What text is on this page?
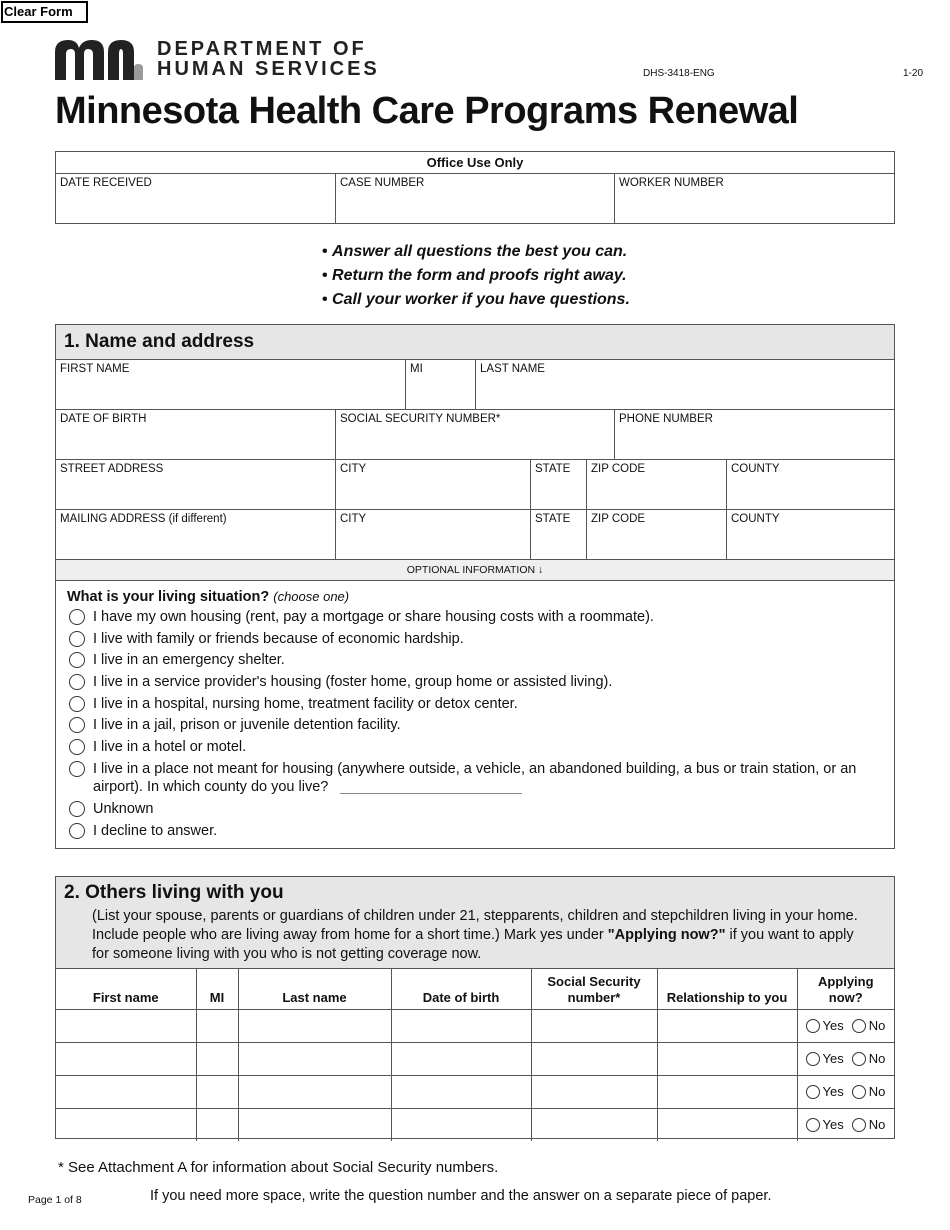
Clear Form
DEPARTMENT OF
HUMAN SERVICES	DHS-3418-ENG	1-20
Minnesota Health Care Programs Renewal
Office Use Only
DATE RECEIVED	CASE NUMBER	WORKER NUMBER
• Answer all questions the best you can.
• Return the form and proofs right away.
• Call your worker if you have questions.
1. Name and address
FIRST NAME	MI	LAST NAME
DATE OF BIRTH	SOCIAL SECURITY NUMBER*	PHONE NUMBER
STREET ADDRESS	CITY	STATE	ZIP CODE	COUNTY
MAILING ADDRESS (if different)	CITY	STATE	ZIP CODE	COUNTY
OPTIONAL INFORMATION ↓
What is your living situation? (choose one)
I have my own housing (rent, pay a mortgage or share housing costs with a roommate).
I live with family or friends because of economic hardship.
I live in an emergency shelter.
I live in a service provider's housing (foster home, group home or assisted living).
I live in a hospital, nursing home, treatment facility or detox center.
I live in a jail, prison or juvenile detention facility.
I live in a hotel or motel.
I live in a place not meant for housing (anywhere outside, a vehicle, an abandoned building, a bus or train station, or an airport). In which county do you live?
Unknown
I decline to answer.
2. Others living with you
(List your spouse, parents or guardians of children under 21, stepparents, children and stepchildren living in your home. Include people who are living away from home for a short time.) Mark yes under "Applying now?" if you want to apply for someone living with you who is not getting coverage now.
First name	MI	Last name	Date of birth	Social Security number*	Relationship to you	Applying now?

						Yes No

						Yes No

						Yes No

						Yes No
* See Attachment A for information about Social Security numbers.
Page 1 of 8	If you need more space, write the question number and the answer on a separate piece of paper.
